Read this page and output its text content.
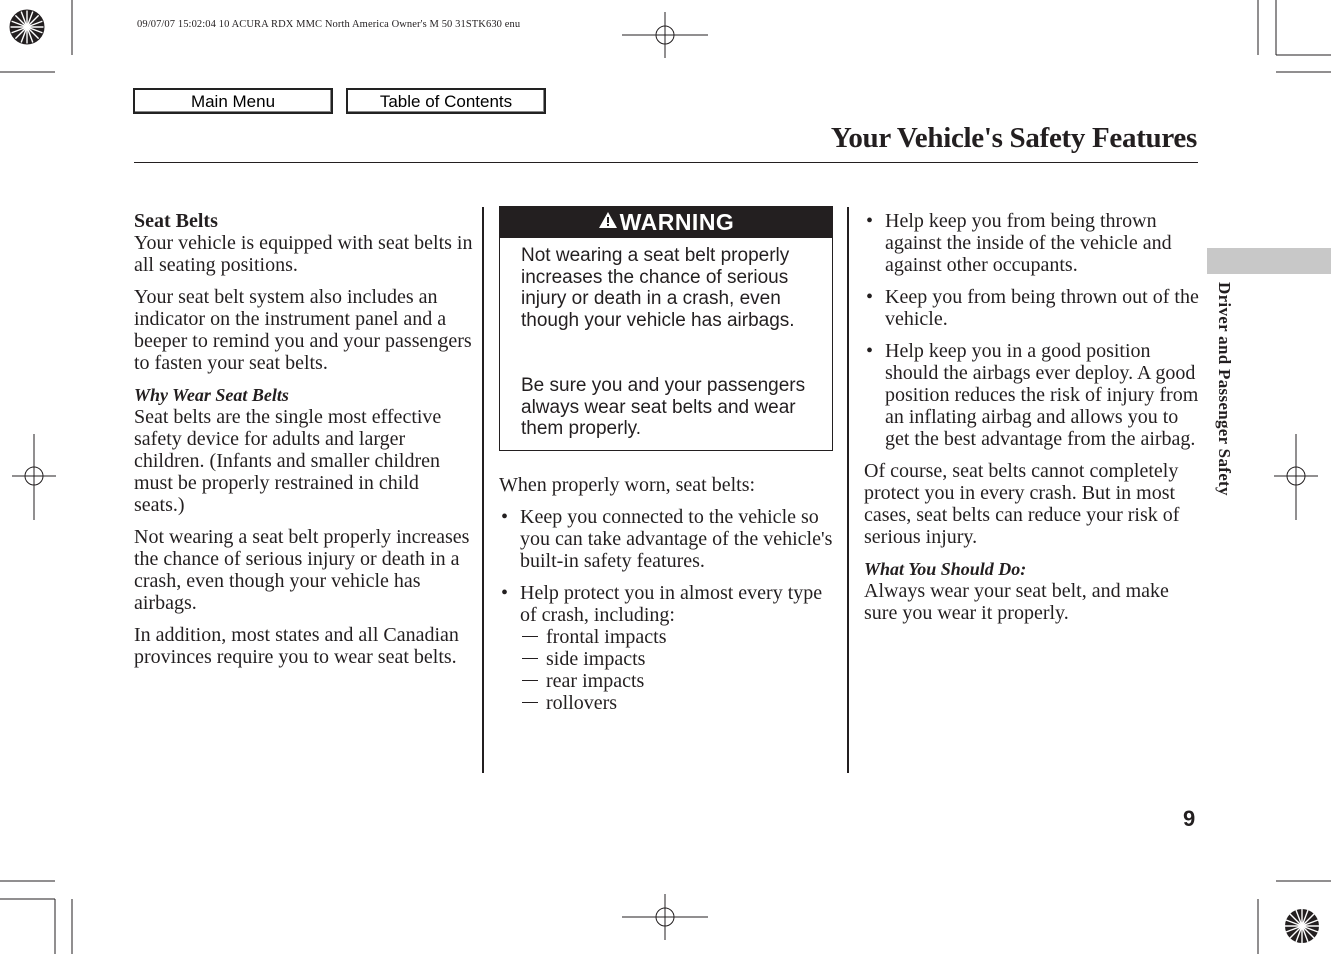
09/07/07 15:02:04 10 ACURA RDX MMC North America Owner's M 50 31STK630 enu
Main Menu	Table of Contents
Your Vehicle's Safety Features
Seat Belts

Your vehicle is equipped with seat belts in all seating positions.

Your seat belt system also includes an indicator on the instrument panel and a beeper to remind you and your passengers to fasten your seat belts.

Why Wear Seat Belts

Seat belts are the single most effective safety device for adults and larger children. (Infants and smaller children must be properly restrained in child seats.)

Not wearing a seat belt properly increases the chance of serious injury or death in a crash, even though your vehicle has airbags.

In addition, most states and all Canadian provinces require you to wear seat belts.

WARNING
Not wearing a seat belt properly increases the chance of serious injury or death in a crash, even though your vehicle has airbags.
Be sure you and your passengers always wear seat belts and wear them properly.

When properly worn, seat belts:

• Keep you connected to the vehicle so you can take advantage of the vehicle's built-in safety features.
• Help protect you in almost every type of crash, including:
frontal impacts
side impacts
rear impacts
rollovers
• Help keep you from being thrown against the inside of the vehicle and against other occupants.
• Keep you from being thrown out of the vehicle.
• Help keep you in a good position should the airbags ever deploy. A good position reduces the risk of injury from an inflating airbag and allows you to get the best advantage from the airbag.

Of course, seat belts cannot completely protect you in every crash. But in most cases, seat belts can reduce your risk of serious injury.

What You Should Do:

Always wear your seat belt, and make sure you wear it properly.

Driver and Passenger Safety
9
